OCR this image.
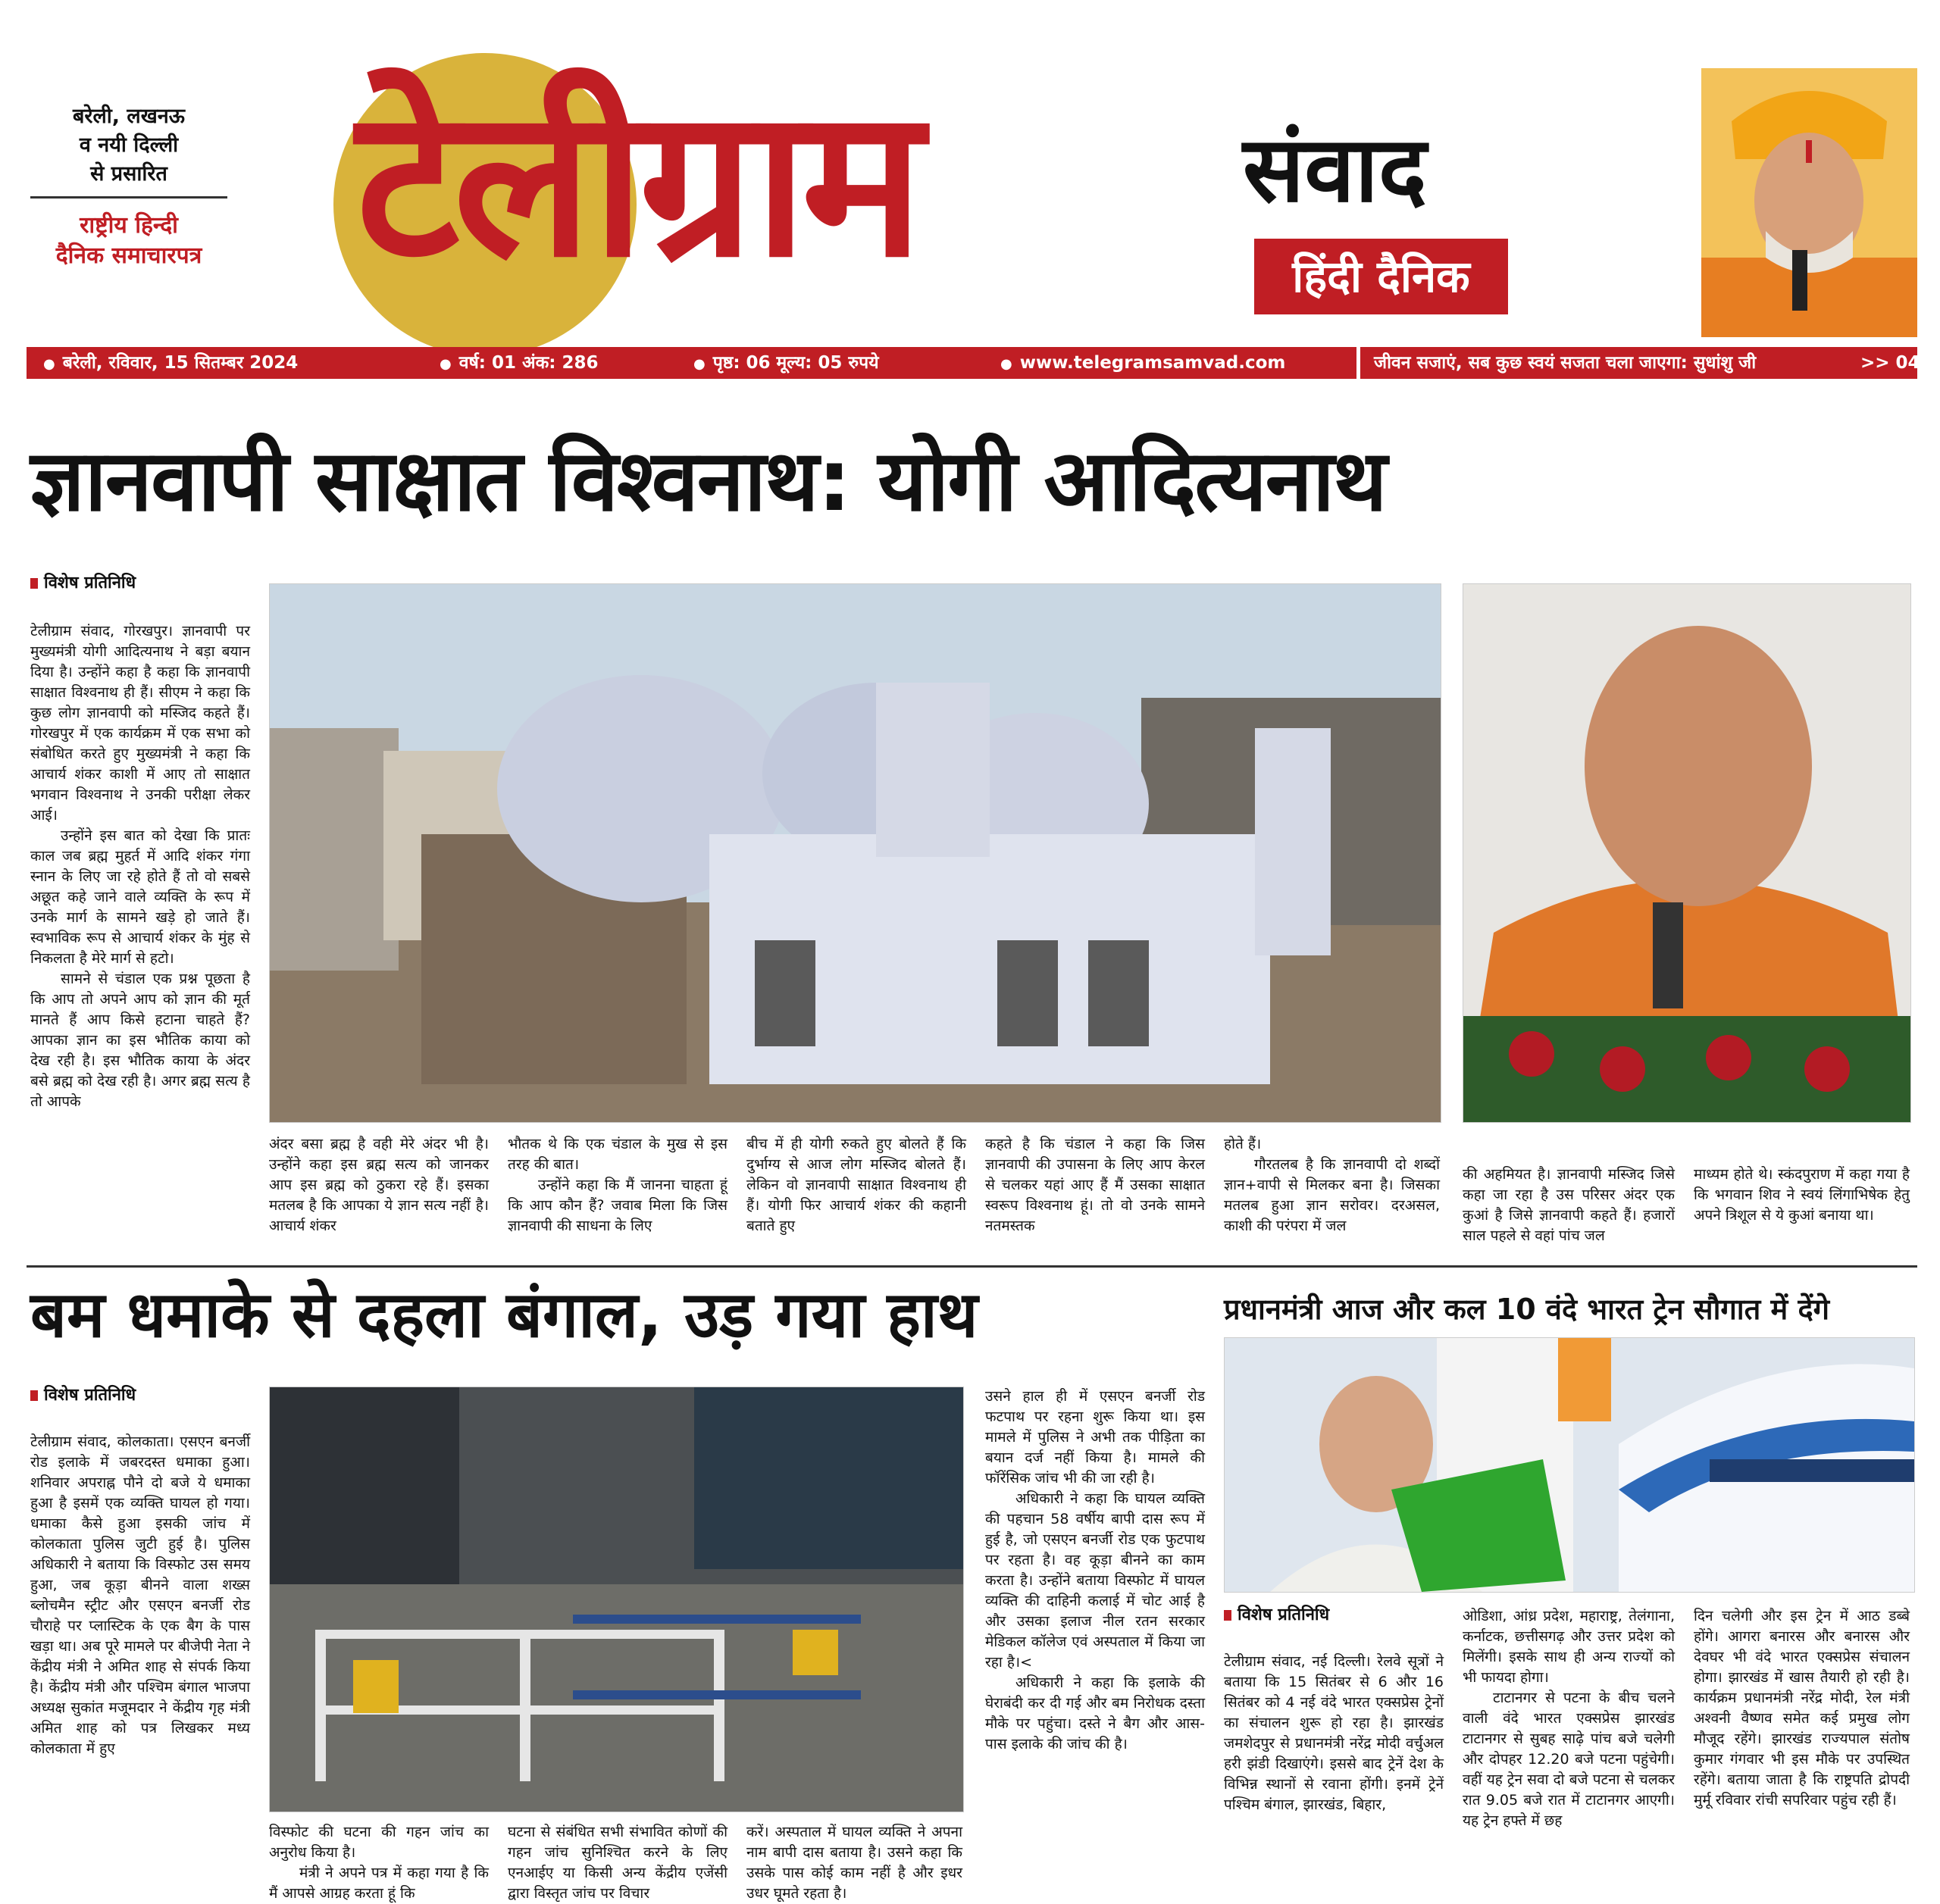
बरेली, लखनऊ
व नयी दिल्ली
से प्रसारित
राष्ट्रीय हिन्दी
दैनिक समाचारपत्र टेलीग्राम	संवाद
हिंदी दैनिक
● बरेली, रविवार, 15 सितम्बर 2024	● वर्ष: 01 अंक: 286	● पृष्ठ: 06 मूल्य: 05 रुपये	● www.telegramsamvad.com	जीवन सजाएं, सब कुछ स्वयं सजता चला जाएगा: सुधांशु जी	>> 04
ज्ञानवापी साक्षात विश्वनाथ: योगी आदित्यनाथ
विशेष प्रतिनिधि

टेलीग्राम संवाद, गोरखपुर। ज्ञानवापी पर मुख्यमंत्री योगी आदित्यनाथ ने बड़ा बयान दिया है। उन्होंने कहा है कहा कि ज्ञानवापी साक्षात विश्वनाथ ही हैं। सीएम ने कहा कि कुछ लोग ज्ञानवापी को मस्जिद कहते हैं। गोरखपुर में एक कार्यक्रम में एक सभा को संबोधित करते हुए मुख्यमंत्री ने कहा कि आचार्य शंकर काशी में आए तो साक्षात भगवान विश्वनाथ ने उनकी परीक्षा लेकर आई।

उन्होंने इस बात को देखा कि प्रातः काल जब ब्रह्म मुहर्त में आदि शंकर गंगा स्नान के लिए जा रहे होते हैं तो वो सबसे अछूत कहे जाने वाले व्यक्ति के रूप में उनके मार्ग के सामने खड़े हो जाते हैं। स्वभाविक रूप से आचार्य शंकर के मुंह से निकलता है मेरे मार्ग से हटो।

सामने से चंडाल एक प्रश्न पूछता है कि आप तो अपने आप को ज्ञान की मूर्त मानते हैं आप किसे हटाना चाहते हैं? आपका ज्ञान का इस भौतिक काया को देख रही है। इस भौतिक काया के अंदर बसे ब्रह्म को देख रही है। अगर ब्रह्म सत्य है तो आपके

अंदर बसा ब्रह्म है वही मेरे अंदर भी है। उन्होंने कहा इस ब्रह्म सत्य को जानकर आप इस ब्रह्म को ठुकरा रहे हैं। इसका मतलब है कि आपका ये ज्ञान सत्य नहीं है। आचार्य शंकर

भौतक थे कि एक चंडाल के मुख से इस तरह की बात।

उन्होंने कहा कि मैं जानना चाहता हूं कि आप कौन हैं? जवाब मिला कि जिस ज्ञानवापी की साधना के लिए

बीच में ही योगी रुकते हुए बोलते हैं कि दुर्भाग्य से आज लोग मस्जिद बोलते हैं। लेकिन वो ज्ञानवापी साक्षात विश्वनाथ ही हैं। योगी फिर आचार्य शंकर की कहानी बताते हुए
कहते है कि चंडाल ने कहा कि जिस ज्ञानवापी की उपासना के लिए आप केरल से चलकर यहां आए हैं मैं उसका साक्षात स्वरूप विश्वनाथ हूं। तो वो उनके सामने नतमस्तक

होते हैं।

गौरतलब है कि ज्ञानवापी दो शब्दों ज्ञान+वापी से मिलकर बना है। जिसका मतलब हुआ ज्ञान सरोवर। दरअसल, काशी की परंपरा में जल

की अहमियत है। ज्ञानवापी मस्जिद जिसे कहा जा रहा है उस परिसर अंदर एक कुआं है जिसे ज्ञानवापी कहते हैं। हजारों साल पहले से वहां पांच जल
माध्यम होते थे। स्कंदपुराण में कहा गया है कि भगवान शिव ने स्वयं लिंगाभिषेक हेतु अपने त्रिशूल से ये कुआं बनाया था।
बम धमाके से दहला बंगाल, उड़ गया हाथ
विशेष प्रतिनिधि

टेलीग्राम संवाद, कोलकाता। एसएन बनर्जी रोड इलाके में जबरदस्त धमाका हुआ। शनिवार अपराह्न पौने दो बजे ये धमाका हुआ है इसमें एक व्यक्ति घायल हो गया। धमाका कैसे हुआ इसकी जांच में कोलकाता पुलिस जुटी हुई है। पुलिस अधिकारी ने बताया कि विस्फोट उस समय हुआ, जब कूड़ा बीनने वाला शख्स ब्लोचमैन स्ट्रीट और एसएन बनर्जी रोड चौराहे पर प्लास्टिक के एक बैग के पास खड़ा था। अब पूरे मामले पर बीजेपी नेता ने केंद्रीय मंत्री ने अमित शाह से संपर्क किया है। केंद्रीय मंत्री और पश्चिम बंगाल भाजपा अध्यक्ष सुकांत मजूमदार ने केंद्रीय गृह मंत्री अमित शाह को पत्र लिखकर मध्य कोलकाता में हुए

विस्फोट की घटना की गहन जांच का अनुरोध किया है।

मंत्री ने अपने पत्र में कहा गया है कि मैं आपसे आग्रह करता हूं कि

घटना से संबंधित सभी संभावित कोणों की गहन जांच सुनिश्चित करने के लिए एनआईए या किसी अन्य केंद्रीय एजेंसी द्वारा विस्तृत जांच पर विचार
करें। अस्पताल में घायल व्यक्ति ने अपना नाम बापी दास बताया है। उसने कहा कि उसके पास कोई काम नहीं है और इधर उधर घूमते रहता है।

उसने हाल ही में एसएन बनर्जी रोड फटपाथ पर रहना शुरू किया था। इस मामले में पुलिस ने अभी तक पीड़िता का बयान दर्ज नहीं किया है। मामले की फॉरेंसिक जांच भी की जा रही है।

अधिकारी ने कहा कि घायल व्यक्ति की पहचान 58 वर्षीय बापी दास रूप में हुई है, जो एसएन बनर्जी रोड एक फुटपाथ पर रहता है। वह कूड़ा बीनने का काम करता है। उन्होंने बताया विस्फोट में घायल व्यक्ति की दाहिनी कलाई में चोट आई है और उसका इलाज नील रतन सरकार मेडिकल कॉलेज एवं अस्पताल में किया जा रहा है।<

अधिकारी ने कहा कि इलाके की घेराबंदी कर दी गई और बम निरोधक दस्ता मौके पर पहुंचा। दस्ते ने बैग और आस-पास इलाके की जांच की है।

प्रधानमंत्री आज और कल 10 वंदे भारत ट्रेन सौगात में देंगे
विशेष प्रतिनिधि

टेलीग्राम संवाद, नई दिल्ली। रेलवे सूत्रों ने बताया कि 15 सितंबर से 6 और 16 सितंबर को 4 नई वंदे भारत एक्सप्रेस ट्रेनों का संचालन शुरू हो रहा है। झारखंड जमशेदपुर से प्रधानमंत्री नरेंद्र मोदी वर्चुअल हरी झंडी दिखाएंगे। इससे बाद ट्रेनें देश के विभिन्न स्थानों से रवाना होंगी। इनमें ट्रेनें पश्चिम बंगाल, झारखंड, बिहार,

ओडिशा, आंध्र प्रदेश, महाराष्ट्र, तेलंगाना, कर्नाटक, छत्तीसगढ़ और उत्तर प्रदेश को मिलेंगी। इसके साथ ही अन्य राज्यों को भी फायदा होगा।

टाटानगर से पटना के बीच चलने वाली वंदे भारत एक्सप्रेस झारखंड टाटानगर से सुबह साढ़े पांच बजे चलेगी और दोपहर 12.20 बजे पटना पहुंचेगी। वहीं यह ट्रेन सवा दो बजे पटना से चलकर रात 9.05 बजे रात में टाटानगर आएगी। यह ट्रेन हफ्ते में छह

दिन चलेगी और इस ट्रेन में आठ डब्बे होंगे। आगरा बनारस और बनारस और देवघर भी वंदे भारत एक्सप्रेस संचालन होगा। झारखंड में खास तैयारी हो रही है। कार्यक्रम प्रधानमंत्री नरेंद्र मोदी, रेल मंत्री अश्वनी वैष्णव समेत कई प्रमुख लोग मौजूद रहेंगे। झारखंड राज्यपाल संतोष कुमार गंगवार भी इस मौके पर उपस्थित रहेंगे। बताया जाता है कि राष्ट्रपति द्रोपदी मुर्मू रविवार रांची सपरिवार पहुंच रही हैं।
